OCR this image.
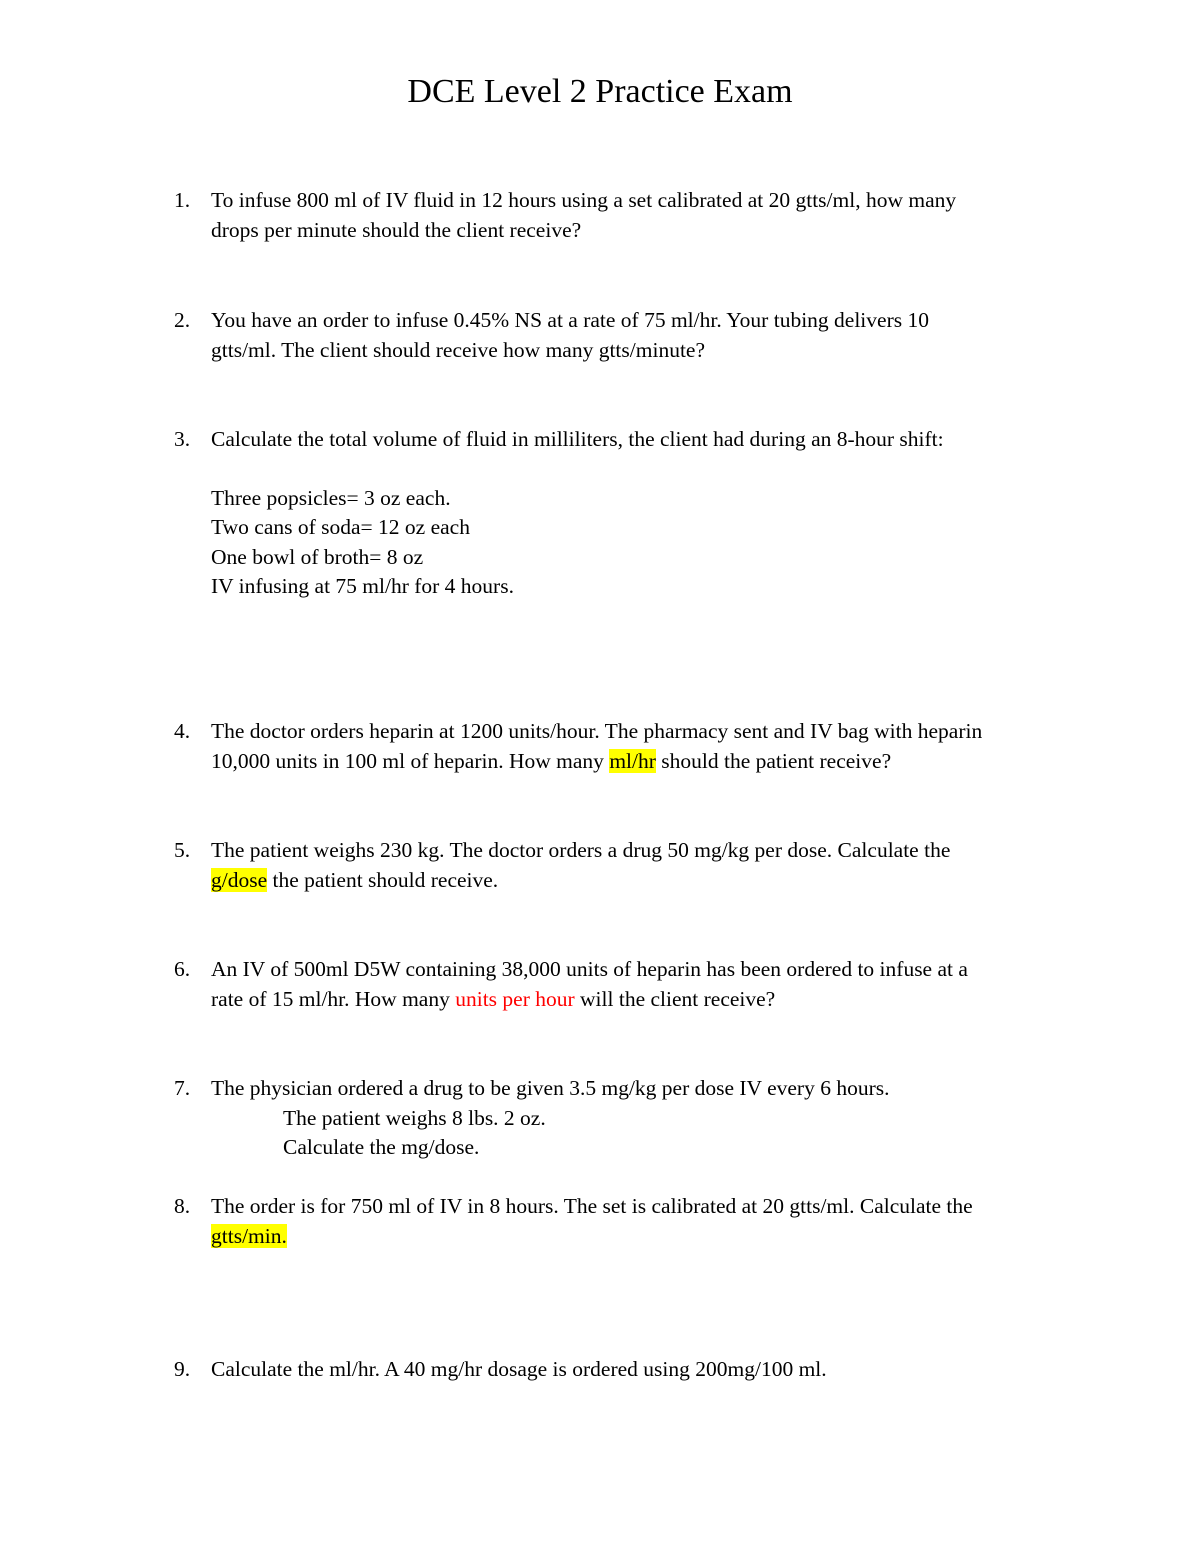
DCE Level 2 Practice Exam
1. To infuse 800 ml of IV fluid in 12 hours using a set calibrated at 20 gtts/ml, how many
drops per minute should the client receive?
2. You have an order to infuse 0.45% NS at a rate of 75 ml/hr. Your tubing delivers 10
gtts/ml. The client should receive how many gtts/minute?
3. Calculate the total volume of fluid in milliliters, the client had during an 8-hour shift:
Three popsicles= 3 oz each.
Two cans of soda= 12 oz each
One bowl of broth= 8 oz
IV infusing at 75 ml/hr for 4 hours.
4. The doctor orders heparin at 1200 units/hour. The pharmacy sent and IV bag with heparin
10,000 units in 100 ml of heparin. How many ml/hr should the patient receive?
5. The patient weighs 230 kg. The doctor orders a drug 50 mg/kg per dose. Calculate the
g/dose the patient should receive.
6. An IV of 500ml D5W containing 38,000 units of heparin has been ordered to infuse at a
rate of 15 ml/hr. How many units per hour will the client receive?
7. The physician ordered a drug to be given 3.5 mg/kg per dose IV every 6 hours.
The patient weighs 8 lbs. 2 oz.
Calculate the mg/dose.
8. The order is for 750 ml of IV in 8 hours. The set is calibrated at 20 gtts/ml. Calculate the
gtts/min.
9. Calculate the ml/hr. A 40 mg/hr dosage is ordered using 200mg/100 ml.
